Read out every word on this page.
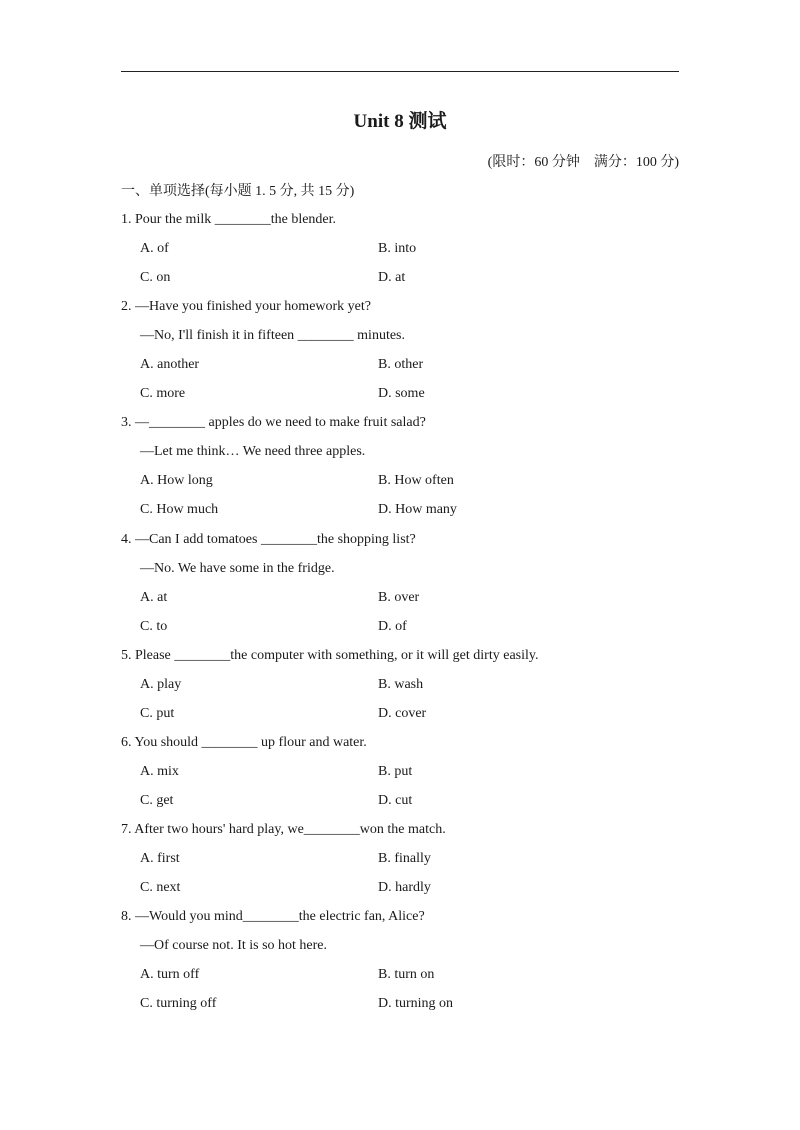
Unit 8 测试
(限时：60 分钟　满分：100 分)
一、单项选择(每小题 1. 5 分, 共 15 分)
1. Pour the milk ________the blender.
A. of	B. into
C. on	D. at
2. —Have you finished your homework yet?
—No, I'll finish it in fifteen ________ minutes.
A. another	B. other
C. more	D. some
3. —________ apples do we need to make fruit salad?
—Let me think… We need three apples.
A. How long	B. How often
C. How much	D. How many
4. —Can I add tomatoes ________the shopping list?
—No. We have some in the fridge.
A. at	B. over
C. to	D. of
5. Please ________the computer with something, or it will get dirty easily.
A. play	B. wash
C. put	D. cover
6. You should ________ up flour and water.
A. mix	B. put
C. get	D. cut
7. After two hours' hard play, we________won the match.
A. first	B. finally
C. next	D. hardly
8. —Would you mind________the electric fan, Alice?
—Of course not. It is so hot here.
A. turn off	B. turn on
C. turning off	D. turning on
